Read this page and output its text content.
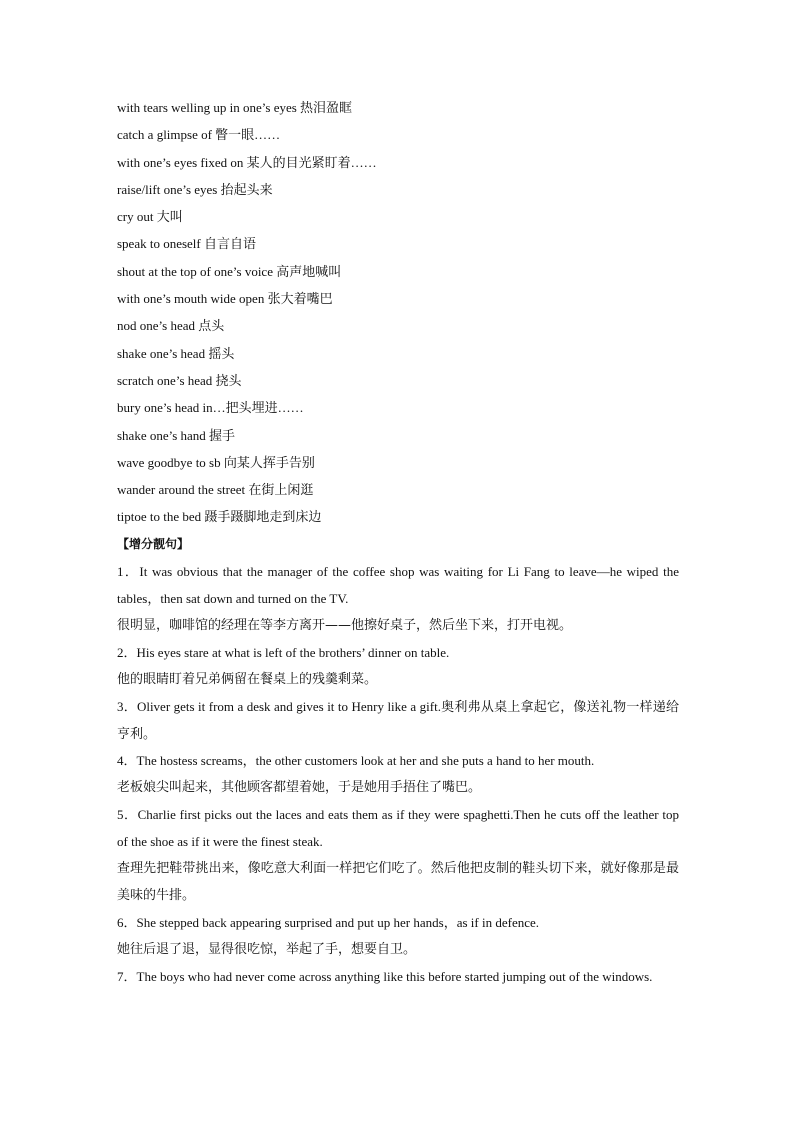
with tears welling up in one’s eyes 热泪盈眶
catch a glimpse of 瞥一眼……
with one’s eyes fixed on 某人的目光紧盯着……
raise/lift one’s eyes 抬起头来
cry out 大叫
speak to oneself 自言自语
shout at the top of one’s voice 高声地喊叫
with one’s mouth wide open 张大着嘴巴
nod one’s head 点头
shake one’s head 摇头
scratch one’s head 挠头
bury one’s head in…把头埋进……
shake one’s hand 握手
wave goodbye to sb 向某人挥手告别
wander around the street 在街上闲逛
tiptoe to the bed 蹑手蹑脚地走到床边
【增分靓句】
1．It was obvious that the manager of the coffee shop was waiting for Li Fang to leave—he wiped the tables，then sat down and turned on the TV.
很明显，咖啡馆的经理在等李方离开——他擦好桌子，然后坐下来，打开电视。
2．His eyes stare at what is left of the brothers’ dinner on table.
他的眼睛盯着兄弟俩留在餐桌上的残羹剩菜。
3．Oliver gets it from a desk and gives it to Henry like a gift.奥利弗从桌上拿起它，像送礼物一样递给亨利。
4．The hostess screams，the other customers look at her and she puts a hand to her mouth.
老板娘尖叫起来，其他顾客都望着她，于是她用手捂住了嘴巴。
5．Charlie first picks out the laces and eats them as if they were spaghetti.Then he cuts off the leather top of the shoe as if it were the finest steak.
查理先把鞋带挑出来，像吃意大利面一样把它们吃了。然后他把皮制的鞋头切下来，就好像那是最美味的牛排。
6．She stepped back appearing surprised and put up her hands，as if in defence.
她往后退了退，显得很吃惊，举起了手，想要自卫。
7．The boys who had never come across anything like this before started jumping out of the windows.
